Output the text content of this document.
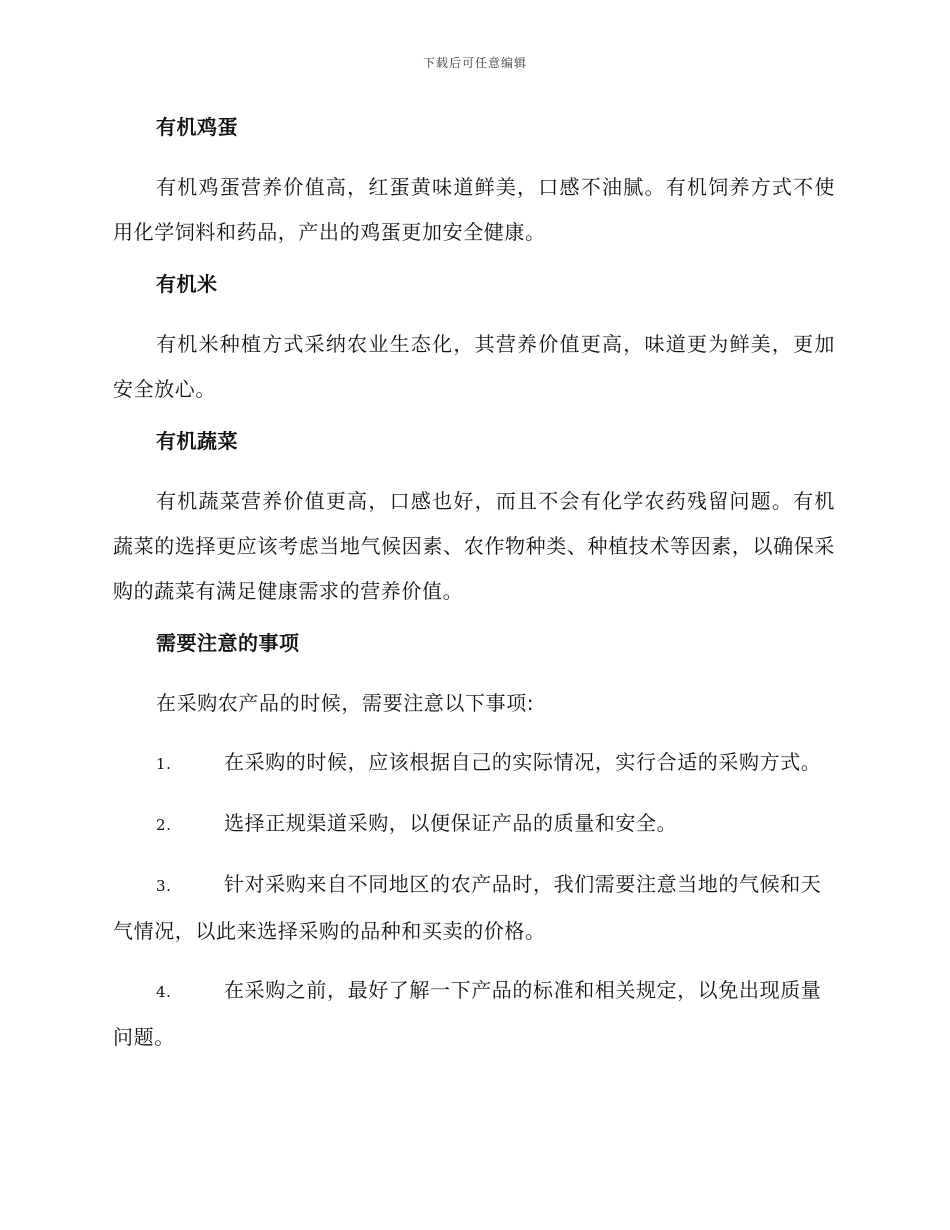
下载后可任意编辑
有机鸡蛋
有机鸡蛋营养价值高，红蛋黄味道鲜美，口感不油腻。有机饲养方式不使用化学饲料和药品，产出的鸡蛋更加安全健康。
有机米
有机米种植方式采纳农业生态化，其营养价值更高，味道更为鲜美，更加安全放心。
有机蔬菜
有机蔬菜营养价值更高，口感也好，而且不会有化学农药残留问题。有机蔬菜的选择更应该考虑当地气候因素、农作物种类、种植技术等因素，以确保采购的蔬菜有满足健康需求的营养价值。
需要注意的事项
在采购农产品的时候，需要注意以下事项:
1.	在采购的时候，应该根据自己的实际情况，实行合适的采购方式。
2.	选择正规渠道采购，以便保证产品的质量和安全。
3.	针对采购来自不同地区的农产品时，我们需要注意当地的气候和天气情况，以此来选择采购的品种和买卖的价格。
4.	在采购之前，最好了解一下产品的标准和相关规定，以免出现质量问题。
